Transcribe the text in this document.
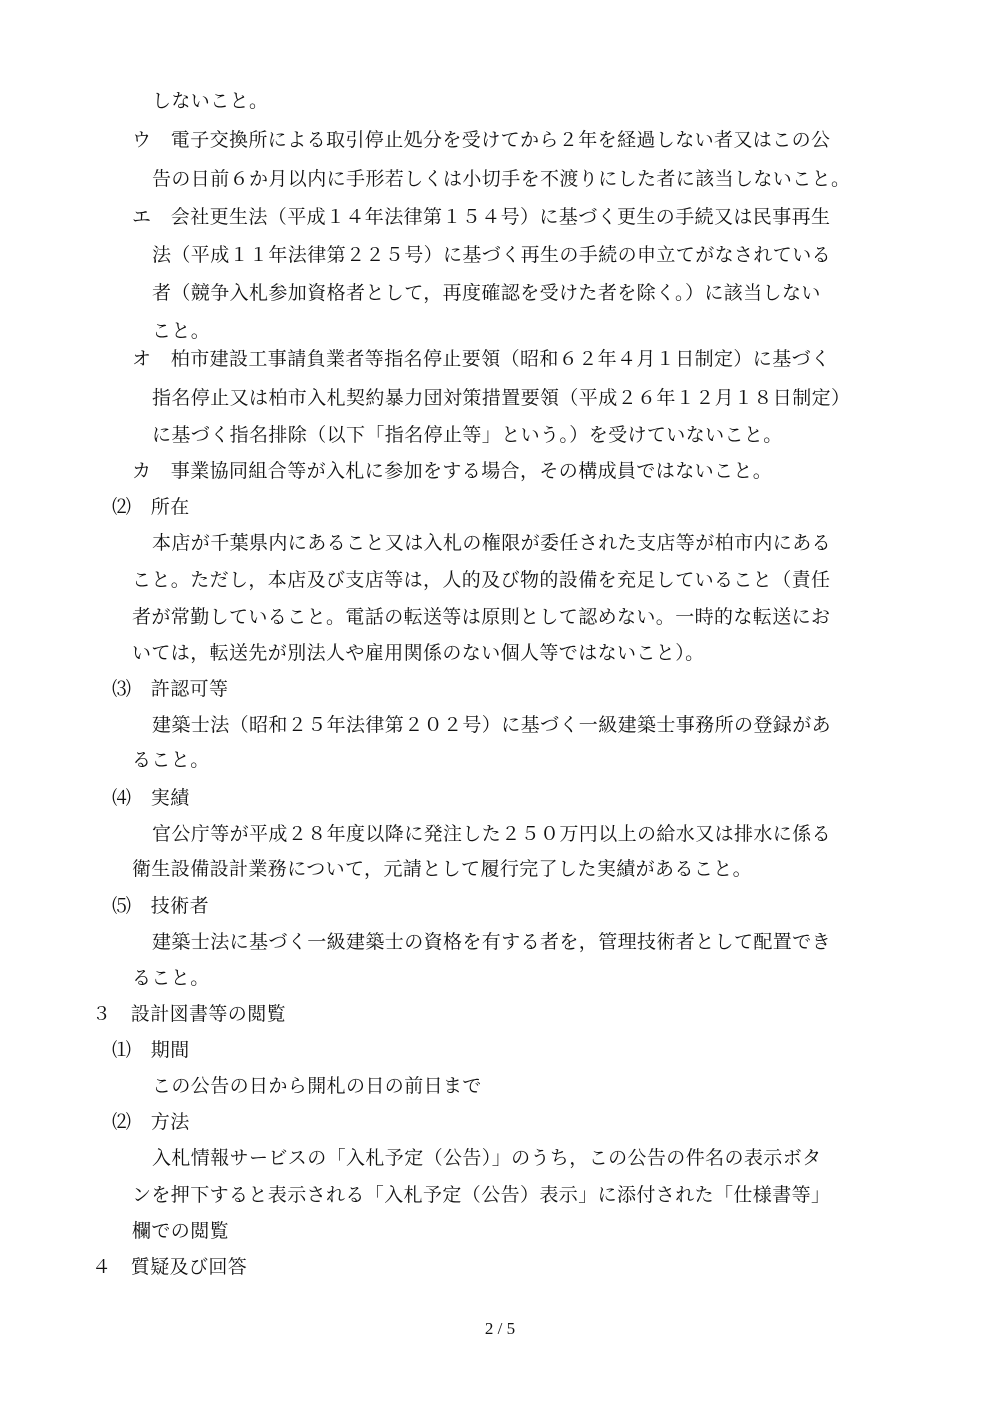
しないこと。
ウ　電子交換所による取引停止処分を受けてから２年を経過しない者又はこの公
告の日前６か月以内に手形若しくは小切手を不渡りにした者に該当しないこと。
エ　会社更生法（平成１４年法律第１５４号）に基づく更生の手続又は民事再生
法（平成１１年法律第２２５号）に基づく再生の手続の申立てがなされている
者（競争入札参加資格者として，再度確認を受けた者を除く。）に該当しない
こと。
オ　柏市建設工事請負業者等指名停止要領（昭和６２年４月１日制定）に基づく
指名停止又は柏市入札契約暴力団対策措置要領（平成２６年１２月１８日制定）
に基づく指名排除（以下「指名停止等」という。）を受けていないこと。
カ　事業協同組合等が入札に参加をする場合，その構成員ではないこと。
⑵　所在
本店が千葉県内にあること又は入札の権限が委任された支店等が柏市内にある
こと。ただし，本店及び支店等は，人的及び物的設備を充足していること（責任
者が常勤していること。電話の転送等は原則として認めない。一時的な転送にお
いては，転送先が別法人や雇用関係のない個人等ではないこと）。
⑶　許認可等
建築士法（昭和２５年法律第２０２号）に基づく一級建築士事務所の登録があ
ること。
⑷　実績
官公庁等が平成２８年度以降に発注した２５０万円以上の給水又は排水に係る
衛生設備設計業務について，元請として履行完了した実績があること。
⑸　技術者
建築士法に基づく一級建築士の資格を有する者を，管理技術者として配置でき
ること。
３　設計図書等の閲覧
⑴　期間
この公告の日から開札の日の前日まで
⑵　方法
入札情報サービスの「入札予定（公告）」のうち，この公告の件名の表示ボタ
ンを押下すると表示される「入札予定（公告）表示」に添付された「仕様書等」
欄での閲覧
４　質疑及び回答
2 / 5
